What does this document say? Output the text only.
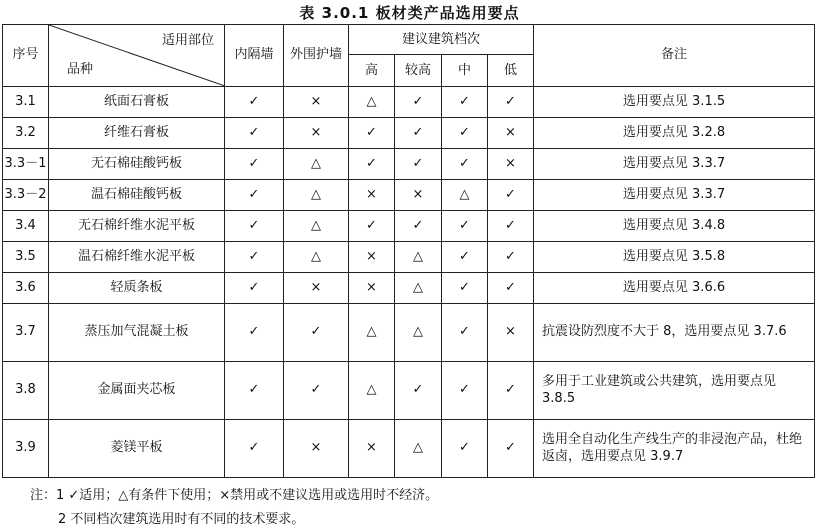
表 3.0.1 板材类产品选用要点
序号	适用部位
品种	内隔墙	外围护墙	建议建筑档次				备注
				高	较高	中	低	
3.1	纸面石膏板	✓	×	△	✓	✓	✓	选用要点见 3.1.5
3.2	纤维石膏板	✓	×	✓	✓	✓	×	选用要点见 3.2.8
3.3－1	无石棉硅酸钙板	✓	△	✓	✓	✓	×	选用要点见 3.3.7
3.3－2	温石棉硅酸钙板	✓	△	×	×	△	✓	选用要点见 3.3.7
3.4	无石棉纤维水泥平板	✓	△	✓	✓	✓	✓	选用要点见 3.4.8
3.5	温石棉纤维水泥平板	✓	△	×	△	✓	✓	选用要点见 3.5.8
3.6	轻质条板	✓	×	×	△	✓	✓	选用要点见 3.6.6
3.7	蒸压加气混凝土板	✓	✓	△	△	✓	×	抗震设防烈度不大于 8，选用要点见 3.7.6
3.8	金属面夹芯板	✓	✓	△	✓	✓	✓	多用于工业建筑或公共建筑，选用要点见 3.8.5
3.9	菱镁平板	✓	×	×	△	✓	✓	选用全自动化生产线生产的非浸泡产品，杜绝返卤，选用要点见 3.9.7
注：1 ✓适用；△有条件下使用；×禁用或不建议选用或选用时不经济。
2 不同档次建筑选用时有不同的技术要求。
